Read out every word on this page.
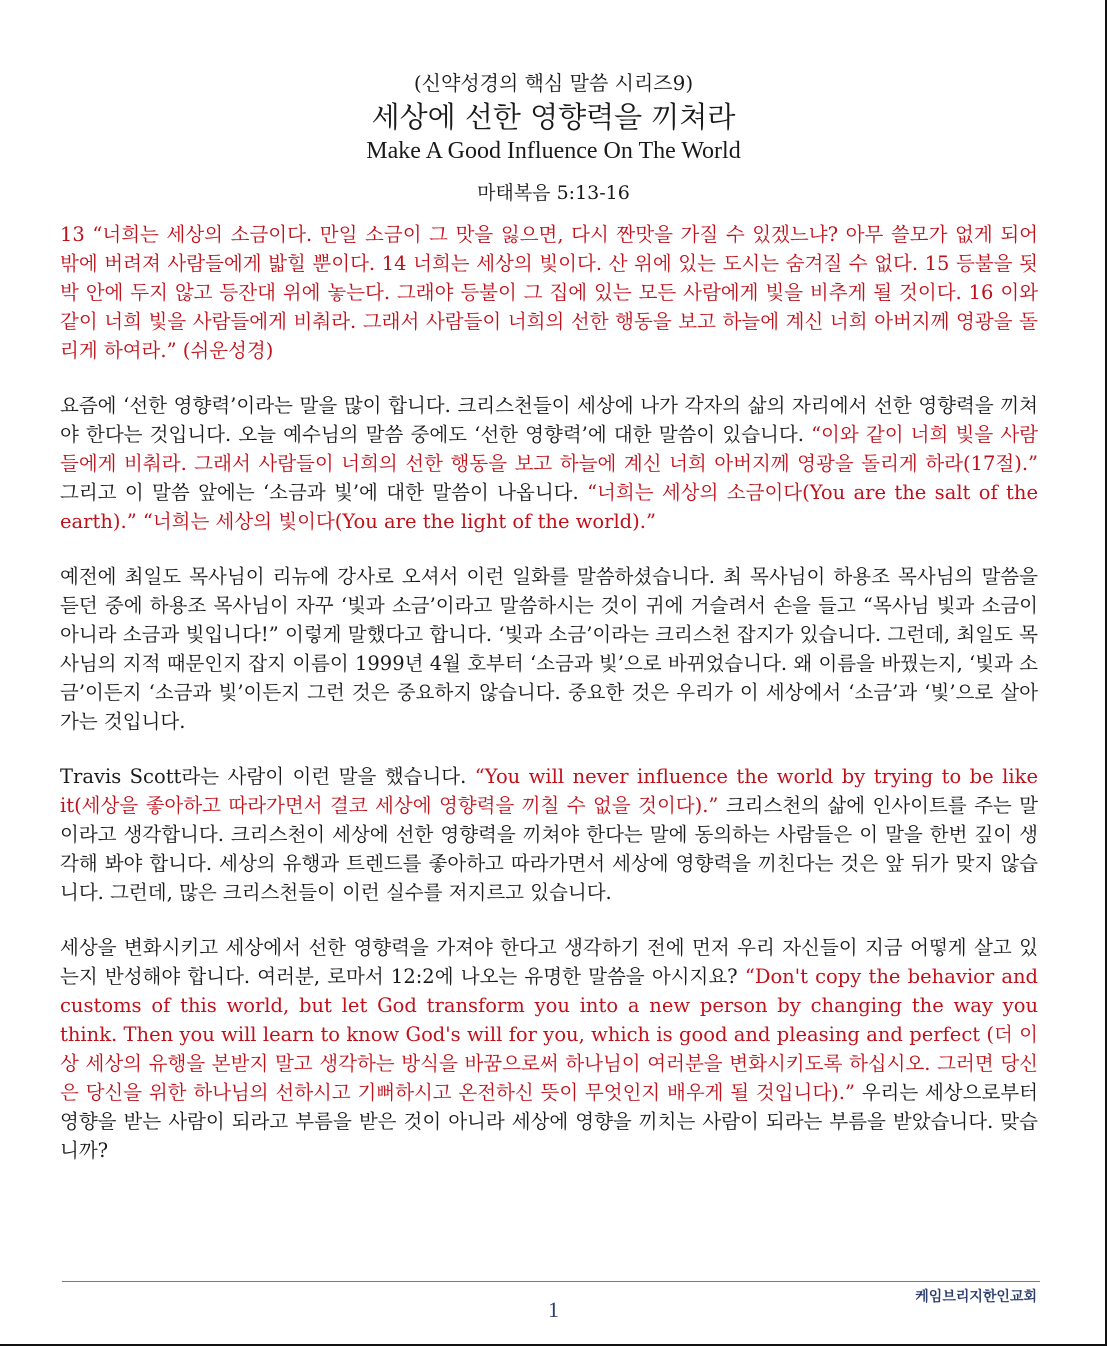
(신약성경의 핵심 말씀 시리즈9)
세상에 선한 영향력을 끼쳐라
Make A Good Influence On The World
마태복음 5:13-16

13 “너희는 세상의 소금이다. 만일 소금이 그 맛을 잃으면, 다시 짠맛을 가질 수 있겠느냐? 아무 쓸모가 없게 되어 밖에 버려져 사람들에게 밟힐 뿐이다. 14 너희는 세상의 빛이다. 산 위에 있는 도시는 숨겨질 수 없다. 15 등불을 됫박 안에 두지 않고 등잔대 위에 놓는다. 그래야 등불이 그 집에 있는 모든 사람에게 빛을 비추게 될 것이다. 16 이와 같이 너희 빛을 사람들에게 비춰라. 그래서 사람들이 너희의 선한 행동을 보고 하늘에 계신 너희 아버지께 영광을 돌리게 하여라.” (쉬운성경)

요즘에 ‘선한 영향력’이라는 말을 많이 합니다. 크리스천들이 세상에 나가 각자의 삶의 자리에서 선한 영향력을 끼쳐야 한다는 것입니다. 오늘 예수님의 말씀 중에도 ‘선한 영향력’에 대한 말씀이 있습니다. “이와 같이 너희 빛을 사람들에게 비춰라. 그래서 사람들이 너희의 선한 행동을 보고 하늘에 계신 너희 아버지께 영광을 돌리게 하라(17절).” 그리고 이 말씀 앞에는 ‘소금과 빛’에 대한 말씀이 나옵니다. “너희는 세상의 소금이다(You are the salt of the earth).” “너희는 세상의 빛이다(You are the light of the world).”

예전에 최일도 목사님이 리뉴에 강사로 오셔서 이런 일화를 말씀하셨습니다. 최 목사님이 하용조 목사님의 말씀을 듣던 중에 하용조 목사님이 자꾸 ‘빛과 소금’이라고 말씀하시는 것이 귀에 거슬려서 손을 들고 “목사님 빛과 소금이 아니라 소금과 빛입니다!” 이렇게 말했다고 합니다. ‘빛과 소금’이라는 크리스천 잡지가 있습니다. 그런데, 최일도 목사님의 지적 때문인지 잡지 이름이 1999년 4월 호부터 ‘소금과 빛’으로 바뀌었습니다. 왜 이름을 바꿨는지, ‘빛과 소금’이든지 ‘소금과 빛’이든지 그런 것은 중요하지 않습니다. 중요한 것은 우리가 이 세상에서 ‘소금’과 ‘빛’으로 살아가는 것입니다.

Travis Scott라는 사람이 이런 말을 했습니다. “You will never influence the world by trying to be like it(세상을 좋아하고 따라가면서 결코 세상에 영향력을 끼칠 수 없을 것이다).” 크리스천의 삶에 인사이트를 주는 말이라고 생각합니다. 크리스천이 세상에 선한 영향력을 끼쳐야 한다는 말에 동의하는 사람들은 이 말을 한번 깊이 생각해 봐야 합니다. 세상의 유행과 트렌드를 좋아하고 따라가면서 세상에 영향력을 끼친다는 것은 앞 뒤가 맞지 않습니다. 그런데, 많은 크리스천들이 이런 실수를 저지르고 있습니다.

세상을 변화시키고 세상에서 선한 영향력을 가져야 한다고 생각하기 전에 먼저 우리 자신들이 지금 어떻게 살고 있는지 반성해야 합니다. 여러분, 로마서 12:2에 나오는 유명한 말씀을 아시지요? “Don't copy the behavior and customs of this world, but let God transform you into a new person by changing the way you think. Then you will learn to know God's will for you, which is good and pleasing and perfect (더 이상 세상의 유행을 본받지 말고 생각하는 방식을 바꿈으로써 하나님이 여러분을 변화시키도록 하십시오. 그러면 당신은 당신을 위한 하나님의 선하시고 기뻐하시고 온전하신 뜻이 무엇인지 배우게 될 것입니다).” 우리는 세상으로부터 영향을 받는 사람이 되라고 부름을 받은 것이 아니라 세상에 영향을 끼치는 사람이 되라는 부름을 받았습니다. 맞습니까?

케임브리지한인교회
1
